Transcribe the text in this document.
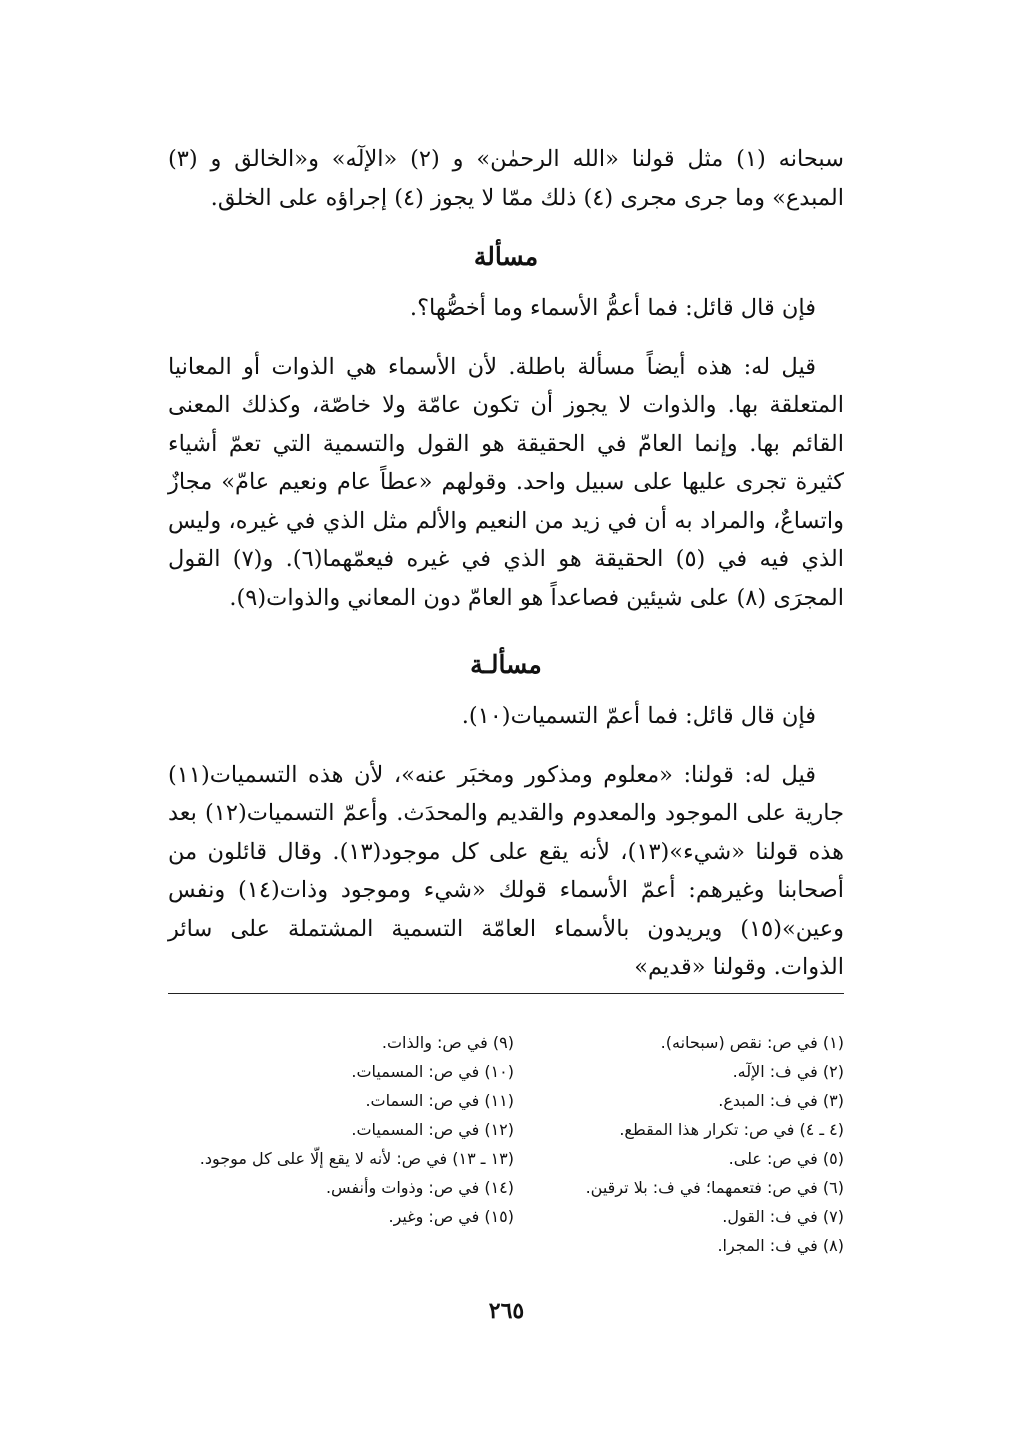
سبحانه (١) مثل قولنا «الله الرحمٰن» و (٢) «الإلٓه» و«الخالق و (٣) المبدع» وما جرى مجرى (٤) ذلك ممّا لا يجوز (٤) إجراؤه على الخلق.

مسألة

فإن قال قائل: فما أعمُّ الأسماء وما أخصُّها؟.

قيل له: هذه أيضاً مسألة باطلة. لأن الأسماء هي الذوات أو المعانيا المتعلقة بها. والذوات لا يجوز أن تكون عامّة ولا خاصّة، وكذلك المعنى القائم بها. وإنما العامّ في الحقيقة هو القول والتسمية التي تعمّ أشياء كثيرة تجرى عليها على سبيل واحد. وقولهم «عطاً عام ونعيم عامّ» مجازٌ واتساعٌ، والمراد به أن في زيد من النعيم والألم مثل الذي في غيره، وليس الذي فيه في (٥) الحقيقة هو الذي في غيره فيعمّهما(٦). و(٧) القول المجرَى (٨) على شيئين فصاعداً هو العامّ دون المعاني والذوات(٩).

مسألـة

فإن قال قائل: فما أعمّ التسميات(١٠).

قيل له: قولنا: «معلوم ومذكور ومخبَر عنه»، لأن هذه التسميات(١١) جارية على الموجود والمعدوم والقديم والمحدَث. وأعمّ التسميات(١٢) بعد هذه قولنا «شيء»(١٣)، لأنه يقع على كل موجود(١٣). وقال قائلون من أصحابنا وغيرهم: أعمّ الأسماء قولك «شيء وموجود وذات(١٤) ونفس وعين»(١٥) ويريدون بالأسماء العامّة التسمية المشتملة على سائر الذوات. وقولنا «قديم»

(١) في ص: نقص (سبحانه).
(٢) في ف: الإلٓه.
(٣) في ف: المبدع.
(٤ ـ ٤) في ص: تكرار هذا المقطع.
(٥) في ص: على.
(٦) في ص: فتعمهما؛ في ف: بلا ترقين.
(٧) في ف: القول.
(٨) في ف: المجرا.
(٩) في ص: والذات.
(١٠) في ص: المسميات.
(١١) في ص: السمات.
(١٢) في ص: المسميات.
(١٣ ـ ١٣) في ص: لأنه لا يقع إلّا على كل موجود.
(١٤) في ص: وذوات وأنفس.
(١٥) في ص: وغير.
٢٦٥
